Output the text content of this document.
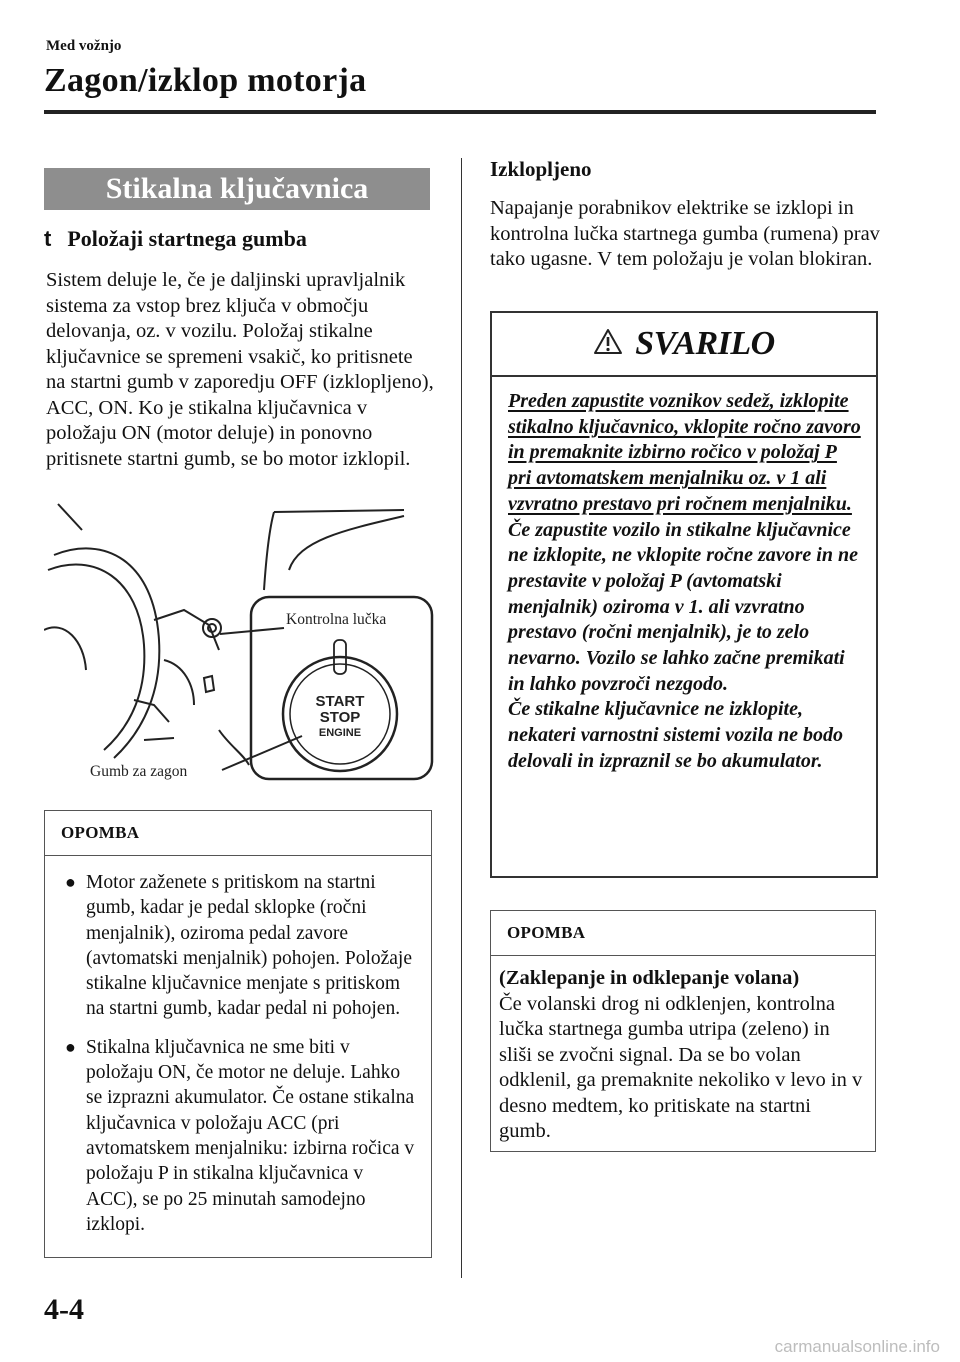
Med vožnjo
Zagon/izklop motorja
Stikalna ključavnica
t Položaji startnega gumba
Sistem deluje le, če je daljinski upravljalnik sistema za vstop brez ključa v območju delovanja, oz. v vozilu. Položaj stikalne ključavnice se spremeni vsakič, ko pritisnete na startni gumb v zaporedju OFF (izklopljeno), ACC, ON. Ko je stikalna ključavnica v položaju ON (motor deluje) in ponovno pritisnete startni gumb, se bo motor izklopil.
START
STOP
ENGINE
Kontrolna lučka
Gumb za zagon
OPOMBA
● Motor zaženete s pritiskom na startni gumb, kadar je pedal sklopke (ročni menjalnik), oziroma pedal zavore (avtomatski menjalnik) pohojen. Položaje stikalne ključavnice menjate s pritiskom na startni gumb, kadar pedal ni pohojen.
● Stikalna ključavnica ne sme biti v položaju ON, če motor ne deluje. Lahko se izprazni akumulator. Če ostane stikalna ključavnica v položaju ACC (pri avtomatskem menjalniku: izbirna ročica v položaju P in stikalna ključavnica v ACC), se po 25 minutah samodejno izklopi.
Izklopljeno
Napajanje porabnikov elektrike se izklopi in kontrolna lučka startnega gumba (rumena) prav tako ugasne. V tem položaju je volan blokiran.
SVARILO
Preden zapustite voznikov sedež, izklopite stikalno ključavnico, vklopite ročno zavoro in premaknite izbirno ročico v položaj P pri avtomatskem menjalniku oz. v 1 ali vzvratno prestavo pri ročnem menjalniku.
Če zapustite vozilo in stikalne ključavnice ne izklopite, ne vklopite ročne zavore in ne prestavite v položaj P (avtomatski menjalnik) oziroma v 1. ali vzvratno prestavo (ročni menjalnik), je to zelo nevarno. Vozilo se lahko začne premikati in lahko povzroči nezgodo.
Če stikalne ključavnice ne izklopite, nekateri varnostni sistemi vozila ne bodo delovali in izpraznil se bo akumulator.
OPOMBA
(Zaklepanje in odklepanje volana)
Če volanski drog ni odklenjen, kontrolna lučka startnega gumba utripa (zeleno) in sliši se zvočni signal. Da se bo volan odklenil, ga premaknite nekoliko v levo in v desno medtem, ko pritiskate na startni gumb.
4-4
carmanualsonline.info
